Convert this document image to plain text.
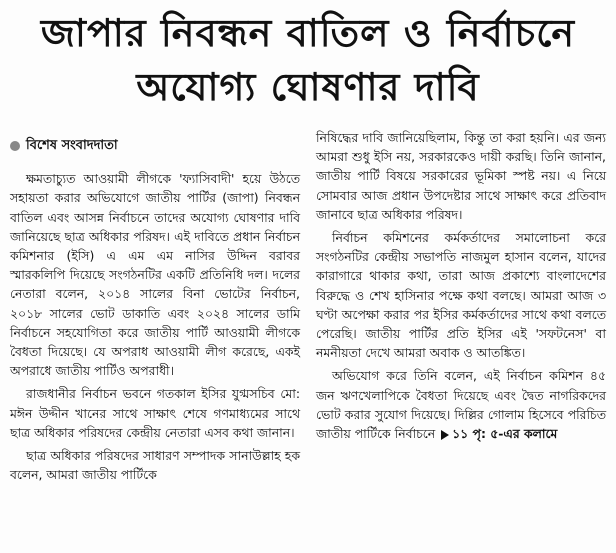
জাপার নিবন্ধন বাতিল ও নির্বাচনে
অযোগ্য ঘোষণার দাবি
বিশেষ সংবাদদাতা

ক্ষমতাচ্যুত আওয়ামী লীগকে 'ফ্যাসিবাদী' হয়ে উঠতে সহায়তা করার অভিযোগে জাতীয় পার্টির (জাপা) নিবন্ধন বাতিল এবং আসন্ন নির্বাচনে তাদের অযোগ্য ঘোষণার দাবি জানিয়েছে ছাত্র অধিকার পরিষদ। এই দাবিতে প্রধান নির্বাচন কমিশনার (ইসি) এ এম এম নাসির উদ্দিন বরাবর স্মারকলিপি দিয়েছে সংগঠনটির একটি প্রতিনিধি দল। দলের নেতারা বলেন, ২০১৪ সালের বিনা ভোটের নির্বাচন, ২০১৮ সালের ভোট ডাকাতি এবং ২০২৪ সালের ডামি নির্বাচনে সহযোগিতা করে জাতীয় পার্টি আওয়ামী লীগকে বৈধতা দিয়েছে। যে অপরাধ আওয়ামী লীগ করেছে, একই অপরাধে জাতীয় পার্টিও অপরাধী।

রাজধানীর নির্বাচন ভবনে গতকাল ইসির যুগ্মসচিব মো: মঈন উদ্দীন খানের সাথে সাক্ষাৎ শেষে গণমাধ্যমের সাথে ছাত্র অধিকার পরিষদের কেন্দ্রীয় নেতারা এসব কথা জানান।

ছাত্র অধিকার পরিষদের সাধারণ সম্পাদক সানাউল্লাহ হক বলেন, আমরা জাতীয় পার্টিকে

নিষিদ্ধের দাবি জানিয়েছিলাম, কিন্তু তা করা হয়নি। এর জন্য আমরা শুধু ইসি নয়, সরকারকেও দায়ী করছি। তিনি জানান, জাতীয় পার্টি বিষয়ে সরকারের ভূমিকা স্পষ্ট নয়। এ নিয়ে সোমবার আজ প্রধান উপদেষ্টার সাথে সাক্ষাৎ করে প্রতিবাদ জানাবে ছাত্র অধিকার পরিষদ।

নির্বাচন কমিশনের কর্মকর্তাদের সমালোচনা করে সংগঠনটির কেন্দ্রীয় সভাপতি নাজমুল হাসান বলেন, যাদের কারাগারে থাকার কথা, তারা আজ প্রকাশ্যে বাংলাদেশের বিরুদ্ধে ও শেখ হাসিনার পক্ষে কথা বলছে। আমরা আজ ৩ ঘণ্টা অপেক্ষা করার পর ইসির কর্মকর্তাদের সাথে কথা বলতে পেরেছি। জাতীয় পার্টির প্রতি ইসির এই 'সফটনেস' বা নমনীয়তা দেখে আমরা অবাক ও আতঙ্কিত।

অভিযোগ করে তিনি বলেন, এই নির্বাচন কমিশন ৪৫ জন ঋণখেলাপিকে বৈধতা দিয়েছে এবং দ্বৈত নাগরিকদের ভোট করার সুযোগ দিয়েছে। দিল্লির গোলাম হিসেবে পরিচিত জাতীয় পার্টিকে নির্বাচনে ১১ পৃ: ৫-এর কলামে
